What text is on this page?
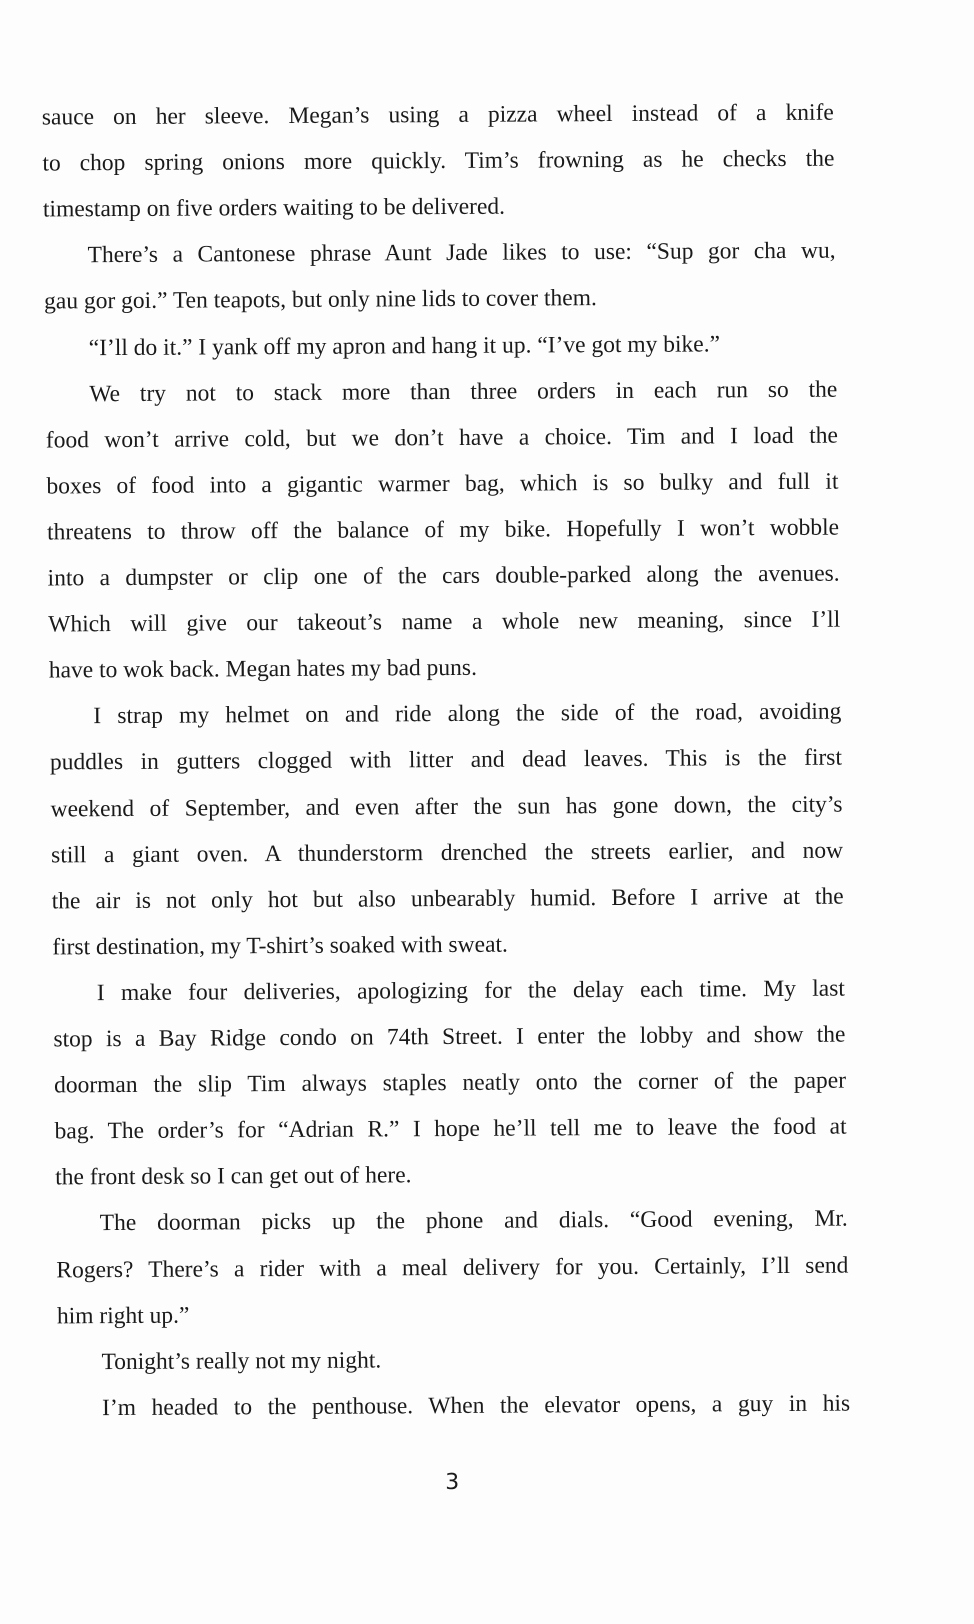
sauce on her sleeve. Megan’s using a pizza wheel instead of a knife
to chop spring onions more quickly. Tim’s frowning as he checks the
timestamp on five orders waiting to be delivered.
There’s a Cantonese phrase Aunt Jade likes to use: “Sup gor cha wu,
gau gor goi.” Ten teapots, but only nine lids to cover them.
“I’ll do it.” I yank off my apron and hang it up. “I’ve got my bike.”
We try not to stack more than three orders in each run so the
food won’t arrive cold, but we don’t have a choice. Tim and I load the
boxes of food into a gigantic warmer bag, which is so bulky and full it
threatens to throw off the balance of my bike. Hopefully I won’t wobble
into a dumpster or clip one of the cars double-parked along the avenues.
Which will give our takeout’s name a whole new meaning, since I’ll
have to wok back. Megan hates my bad puns.
I strap my helmet on and ride along the side of the road, avoiding
puddles in gutters clogged with litter and dead leaves. This is the first
weekend of September, and even after the sun has gone down, the city’s
still a giant oven. A thunderstorm drenched the streets earlier, and now
the air is not only hot but also unbearably humid. Before I arrive at the
first destination, my T-shirt’s soaked with sweat.
I make four deliveries, apologizing for the delay each time. My last
stop is a Bay Ridge condo on 74th Street. I enter the lobby and show the
doorman the slip Tim always staples neatly onto the corner of the paper
bag. The order’s for “Adrian R.” I hope he’ll tell me to leave the food at
the front desk so I can get out of here.
The doorman picks up the phone and dials. “Good evening, Mr.
Rogers? There’s a rider with a meal delivery for you. Certainly, I’ll send
him right up.”
Tonight’s really not my night.
I’m headed to the penthouse. When the elevator opens, a guy in his
3
